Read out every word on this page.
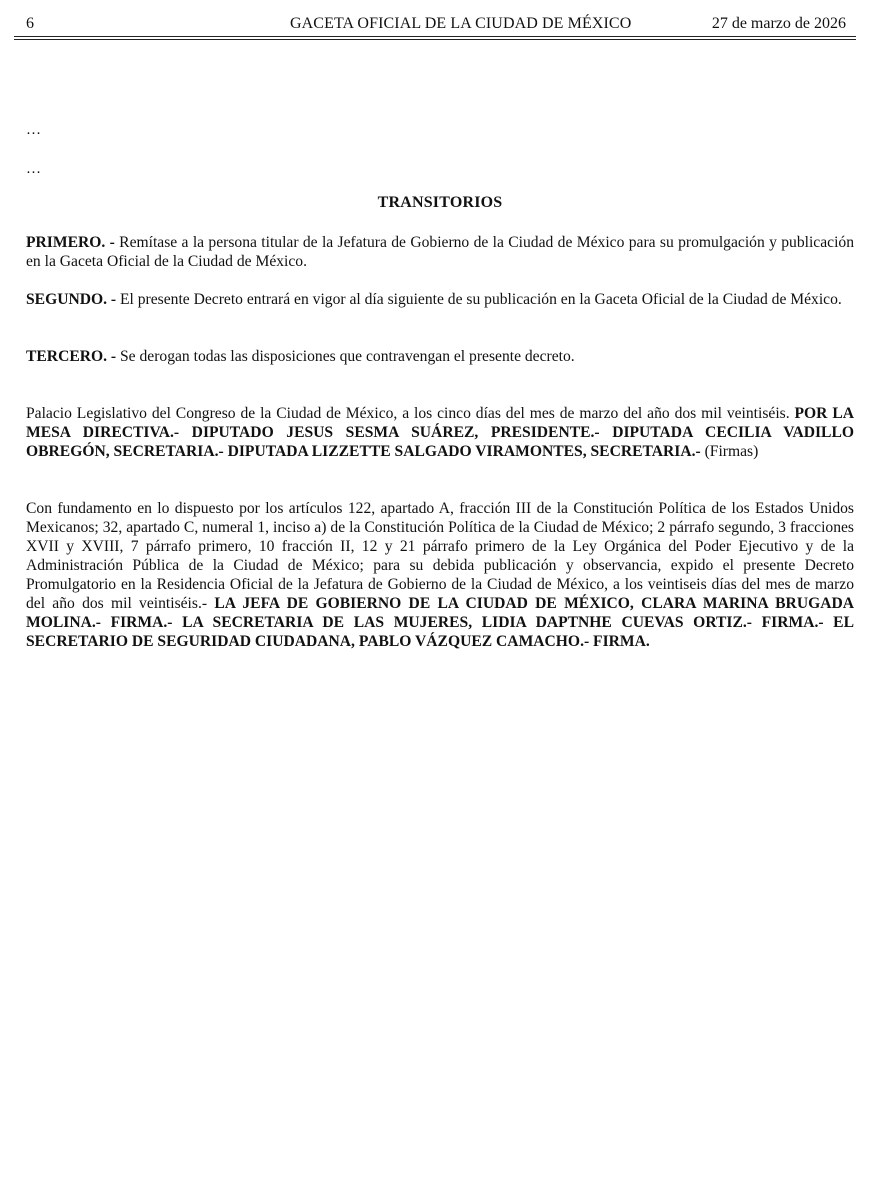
6	GACETA OFICIAL DE LA CIUDAD DE MÉXICO	27 de marzo de 2026
…
…
TRANSITORIOS
PRIMERO. - Remítase a la persona titular de la Jefatura de Gobierno de la Ciudad de México para su promulgación y publicación en la Gaceta Oficial de la Ciudad de México.
SEGUNDO. - El presente Decreto entrará en vigor al día siguiente de su publicación en la Gaceta Oficial de la Ciudad de México.
TERCERO. - Se derogan todas las disposiciones que contravengan el presente decreto.
Palacio Legislativo del Congreso de la Ciudad de México, a los cinco días del mes de marzo del año dos mil veintiséis. POR LA MESA DIRECTIVA.- DIPUTADO JESUS SESMA SUÁREZ, PRESIDENTE.- DIPUTADA CECILIA VADILLO OBREGÓN, SECRETARIA.- DIPUTADA LIZZETTE SALGADO VIRAMONTES, SECRETARIA.- (Firmas)
Con fundamento en lo dispuesto por los artículos 122, apartado A, fracción III de la Constitución Política de los Estados Unidos Mexicanos; 32, apartado C, numeral 1, inciso a) de la Constitución Política de la Ciudad de México; 2 párrafo segundo, 3 fracciones XVII y XVIII, 7 párrafo primero, 10 fracción II, 12 y 21 párrafo primero de la Ley Orgánica del Poder Ejecutivo y de la Administración Pública de la Ciudad de México; para su debida publicación y observancia, expido el presente Decreto Promulgatorio en la Residencia Oficial de la Jefatura de Gobierno de la Ciudad de México, a los veintiseis días del mes de marzo del año dos mil veintiséis.- LA JEFA DE GOBIERNO DE LA CIUDAD DE MÉXICO, CLARA MARINA BRUGADA MOLINA.- FIRMA.- LA SECRETARIA DE LAS MUJERES, LIDIA DAPTNHE CUEVAS ORTIZ.- FIRMA.- EL SECRETARIO DE SEGURIDAD CIUDADANA, PABLO VÁZQUEZ CAMACHO.- FIRMA.
